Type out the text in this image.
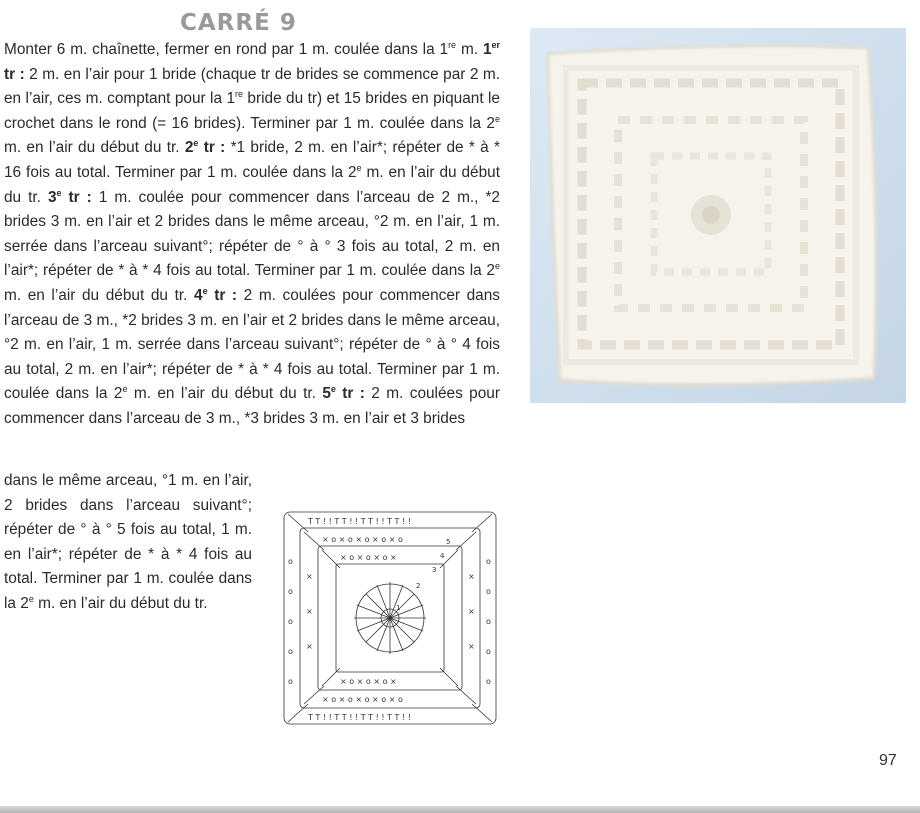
CARRÉ 9
Monter 6 m. chaînette, fermer en rond par 1 m. coulée dans la 1re m. 1er tr : 2 m. en l’air pour 1 bride (chaque tr de brides se commence par 2 m. en l’air, ces m. comptant pour la 1re bride du tr) et 15 brides en piquant le crochet dans le rond (= 16 brides). Terminer par 1 m. coulée dans la 2e m. en l’air du début du tr. 2e tr : *1 bride, 2 m. en l’air*; répéter de * à * 16 fois au total. Terminer par 1 m. coulée dans la 2e m. en l’air du début du tr. 3e tr : 1 m. coulée pour commencer dans l’arceau de 2 m., *2 brides 3 m. en l’air et 2 brides dans le même arceau, °2 m. en l’air, 1 m. serrée dans l’arceau suivant°; répéter de ° à ° 3 fois au total, 2 m. en l’air*; répéter de * à * 4 fois au total. Terminer par 1 m. coulée dans la 2e m. en l’air du début du tr. 4e tr : 2 m. coulées pour commencer dans l’arceau de 3 m., *2 brides 3 m. en l’air et 2 brides dans le même arceau, °2 m. en l’air, 1 m. serrée dans l’arceau suivant°; répéter de ° à ° 4 fois au total, 2 m. en l’air*; répéter de * à * 4 fois au total. Terminer par 1 m. coulée dans la 2e m. en l’air du début du tr. 5e tr : 2 m. coulées pour commencer dans l’arceau de 3 m., *3 brides 3 m. en l’air et 3 brides
dans le même arceau, °1 m. en l’air, 2 brides dans l’arceau suivant°; répéter de ° à ° 5 fois au total, 1 m. en l’air*; répéter de * à * 4 fois au total. Terminer par 1 m. coulée dans la 2e m. en l’air du début du tr.
T T ! ! T T ! ! T T ! ! T T ! !
T T ! ! T T ! ! T T ! ! T T ! !
× o × o × o × o × o
× o × o × o × o × o
× o × o × o ×
× o × o × o ×
o
o
o
o
o
o
o
o
o
o
×
×
×
×
×
×
5
4
3
2
1
97
